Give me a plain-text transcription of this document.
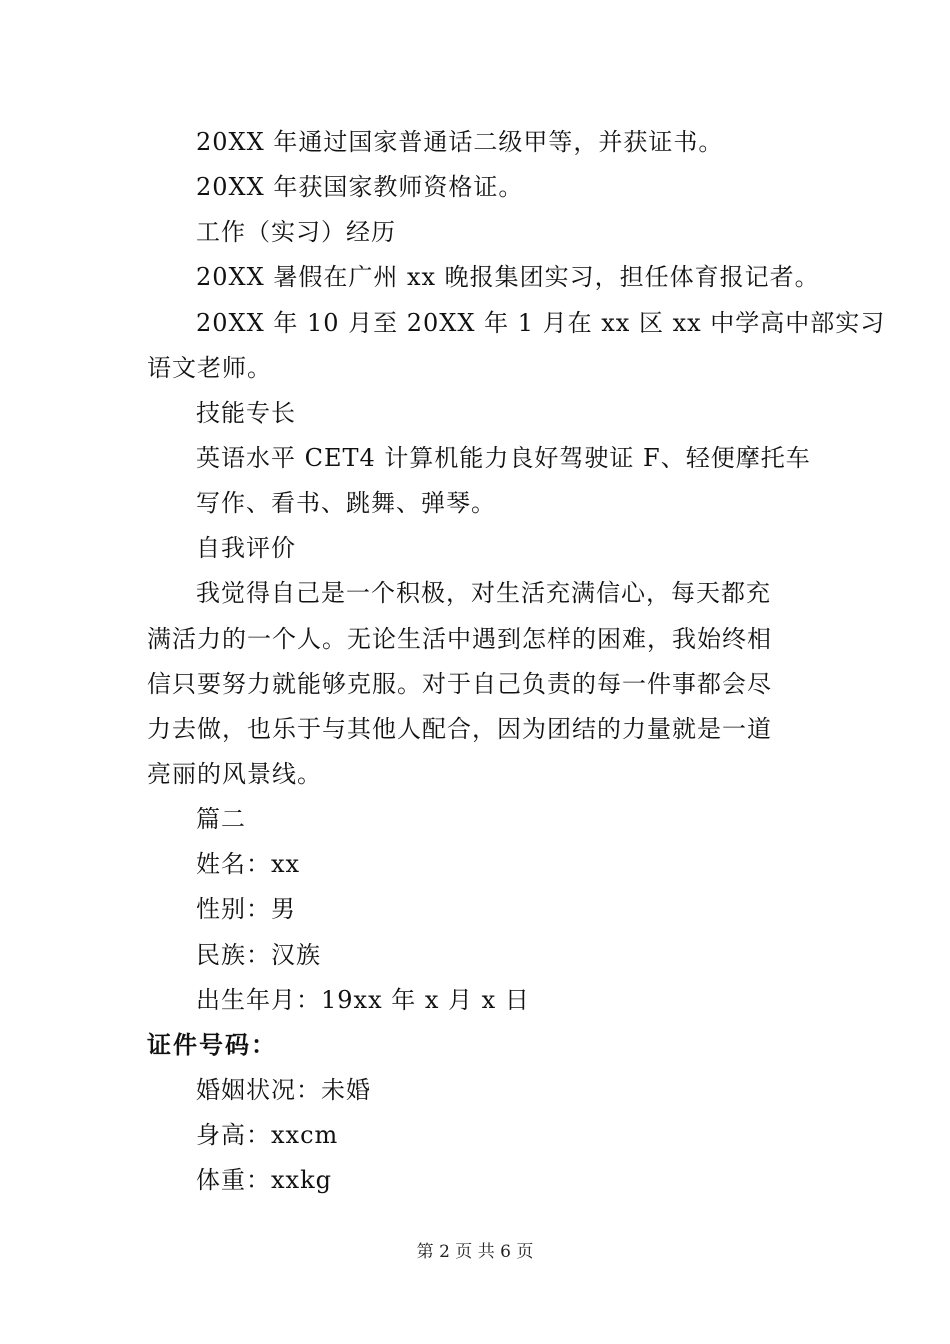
20XX 年通过国家普通话二级甲等，并获证书。
20XX 年获国家教师资格证。
工作（实习）经历
20XX 暑假在广州 xx 晚报集团实习，担任体育报记者。
20XX 年 10 月至 20XX 年 1 月在 xx 区 xx 中学高中部实习
语文老师。
技能专长
英语水平 CET4 计算机能力良好驾驶证 F、轻便摩托车
写作、看书、跳舞、弹琴。
自我评价
我觉得自己是一个积极，对生活充满信心，每天都充
满活力的一个人。无论生活中遇到怎样的困难，我始终相
信只要努力就能够克服。对于自己负责的每一件事都会尽
力去做，也乐于与其他人配合，因为团结的力量就是一道
亮丽的风景线。
篇二
姓名：xx
性别：男
民族：汉族
出生年月：19xx 年 x 月 x 日
证件号码：
婚姻状况：未婚
身高：xxcm
体重：xxkg
第 2 页 共 6 页
